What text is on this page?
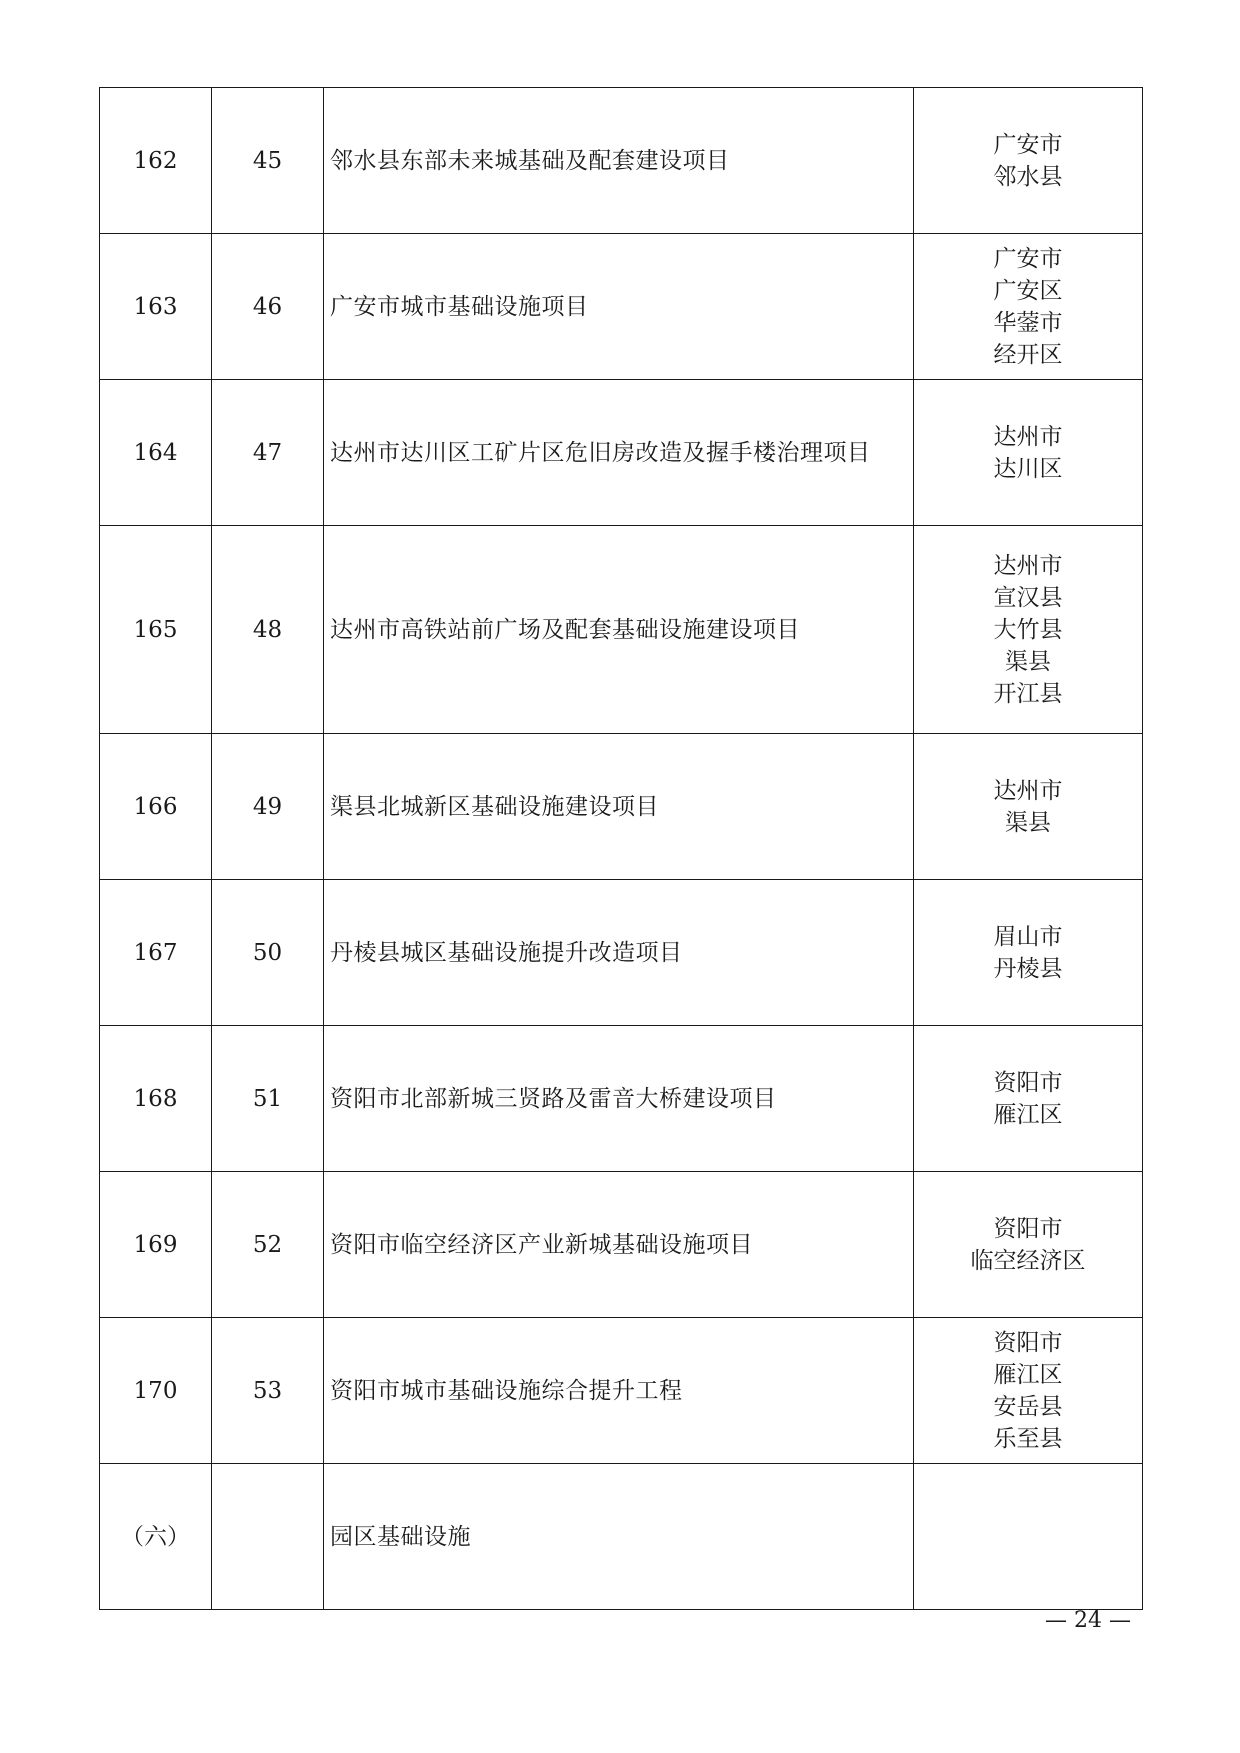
162	45	邻水县东部未来城基础及配套建设项目	广安市
邻水县

163	46	广安市城市基础设施项目	广安市
广安区
华蓥市
经开区

164	47	达州市达川区工矿片区危旧房改造及握手楼治理项目	达州市
达川区

165	48	达州市高铁站前广场及配套基础设施建设项目	达州市
宣汉县
大竹县
渠县
开江县

166	49	渠县北城新区基础设施建设项目	达州市
渠县

167	50	丹棱县城区基础设施提升改造项目	眉山市
丹棱县

168	51	资阳市北部新城三贤路及雷音大桥建设项目	资阳市
雁江区

169	52	资阳市临空经济区产业新城基础设施项目	资阳市
临空经济区

170	53	资阳市城市基础设施综合提升工程	资阳市
雁江区
安岳县
乐至县

（六）		园区基础设施	
— 24 —
